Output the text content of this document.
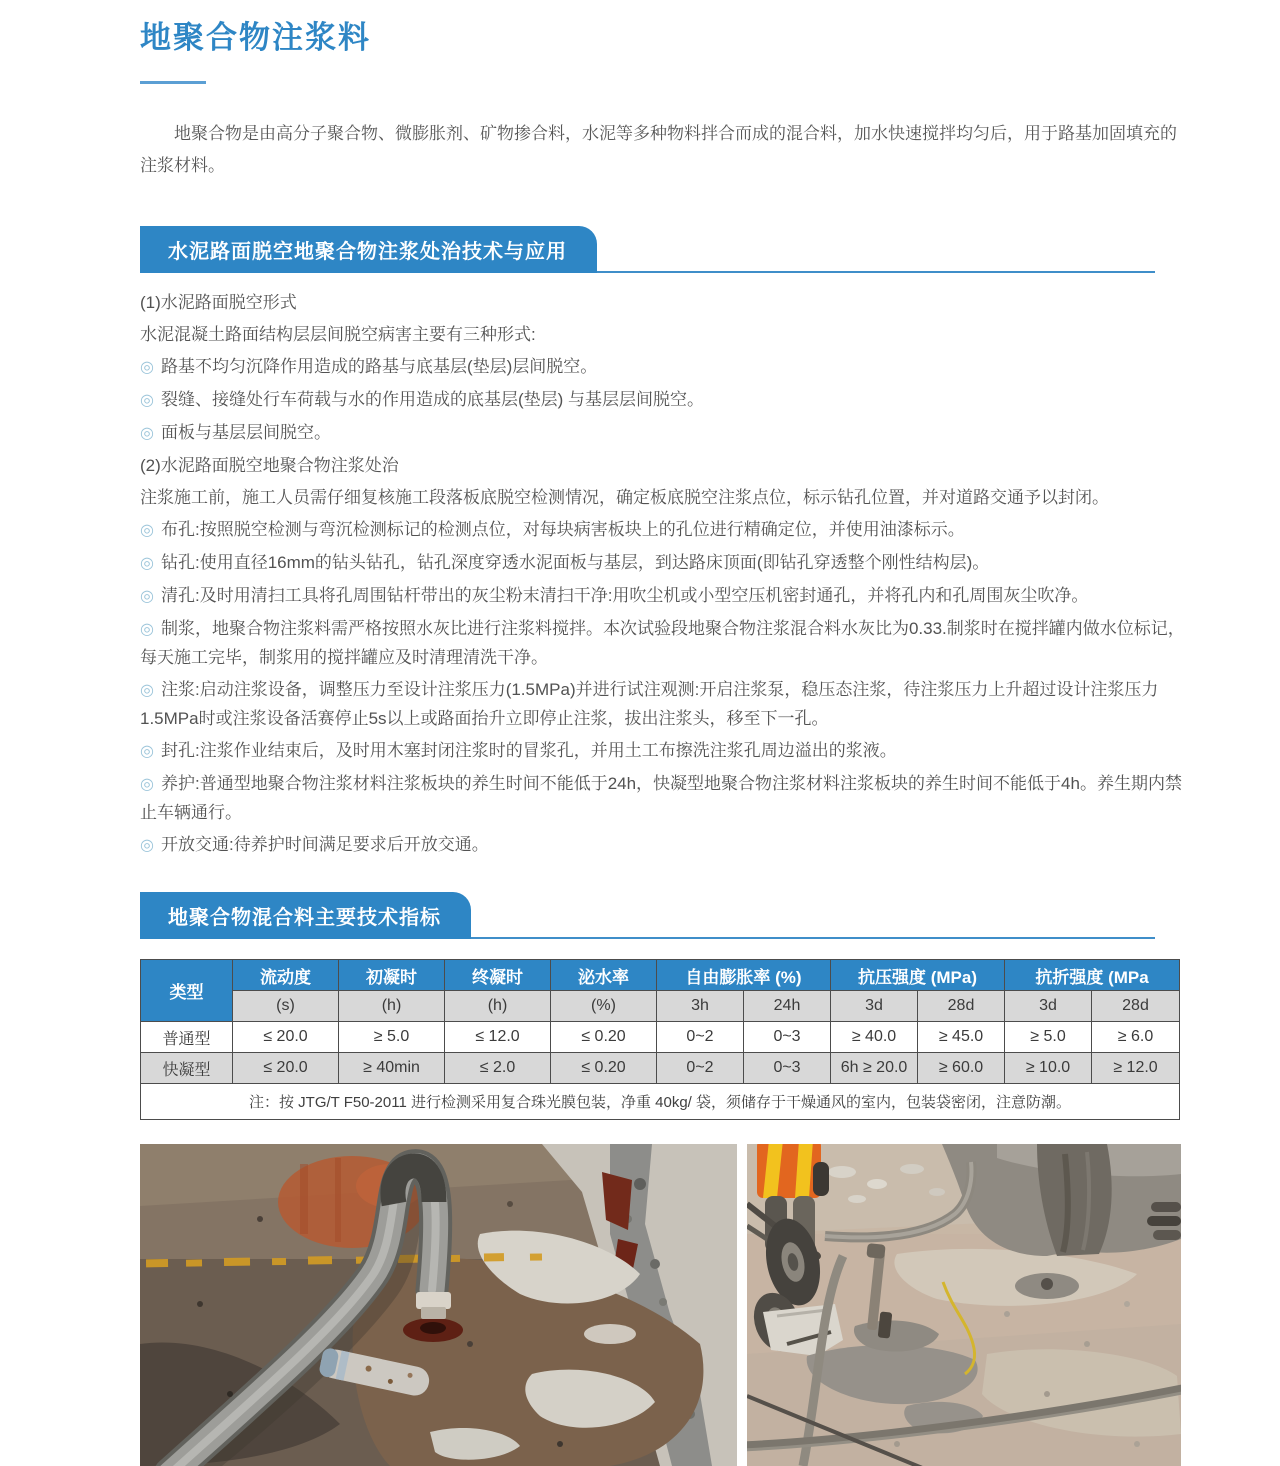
地聚合物注浆料

地聚合物是由高分子聚合物、微膨胀剂、矿物掺合料，水泥等多种物料拌合而成的混合料，加水快速搅拌均匀后，用于路基加固填充的注浆材料。

水泥路面脱空地聚合物注浆处治技术与应用

(1)水泥路面脱空形式

水泥混凝土路面结构层层间脱空病害主要有三种形式:

◎ 路基不均匀沉降作用造成的路基与底基层(垫层)层间脱空。

◎ 裂缝、接缝处行车荷载与水的作用造成的底基层(垫层) 与基层层间脱空。

◎ 面板与基层层间脱空。

(2)水泥路面脱空地聚合物注浆处治

注浆施工前，施工人员需仔细复核施工段落板底脱空检测情况，确定板底脱空注浆点位，标示钻孔位置，并对道路交通予以封闭。

◎ 布孔:按照脱空检测与弯沉检测标记的检测点位，对每块病害板块上的孔位进行精确定位，并使用油漆标示。

◎ 钻孔:使用直径16mm的钻头钻孔，钻孔深度穿透水泥面板与基层，到达路床顶面(即钻孔穿透整个刚性结构层)。

◎ 清孔:及时用清扫工具将孔周围钻杆带出的灰尘粉末清扫干净:用吹尘机或小型空压机密封通孔，并将孔内和孔周围灰尘吹净。

◎ 制浆，地聚合物注浆料需严格按照水灰比进行注浆料搅拌。本次试验段地聚合物注浆混合料水灰比为0.33.制浆时在搅拌罐内做水位标记，每天施工完毕，制浆用的搅拌罐应及时清理清洗干净。

◎ 注浆:启动注浆设备，调整压力至设计注浆压力(1.5MPa)并进行试注观测:开启注浆泵，稳压态注浆，待注浆压力上升超过设计注浆压力1.5MPa时或注浆设备活赛停止5s以上或路面抬升立即停止注浆，拔出注浆头，移至下一孔。

◎ 封孔:注浆作业结束后，及时用木塞封闭注浆时的冒浆孔，并用土工布擦洗注浆孔周边溢出的浆液。

◎ 养护:普通型地聚合物注浆材料注浆板块的养生时间不能低于24h，快凝型地聚合物注浆材料注浆板块的养生时间不能低于4h。养生期内禁止车辆通行。

◎ 开放交通:待养护时间满足要求后开放交通。

地聚合物混合料主要技术指标
类型	流动度	初凝时	终凝时	泌水率	自由膨胀率 (%)		抗压强度 (MPa)		抗折强度 (MPa	
	(s)	(h)	(h)	(%)	3h	24h	3d	28d	3d	28d
普通型	≤ 20.0	≥ 5.0	≤ 12.0	≤ 0.20	0~2	0~3	≥ 40.0	≥ 45.0	≥ 5.0	≥ 6.0
快凝型	≤ 20.0	≥ 40min	≤ 2.0	≤ 0.20	0~2	0~3	6h ≥ 20.0	≥ 60.0	≥ 10.0	≥ 12.0
注：按 JTG/T F50-2011 进行检测采用复合珠光膜包装，净重 40kg/ 袋，须储存于干燥通风的室内，包装袋密闭，注意防潮。										
